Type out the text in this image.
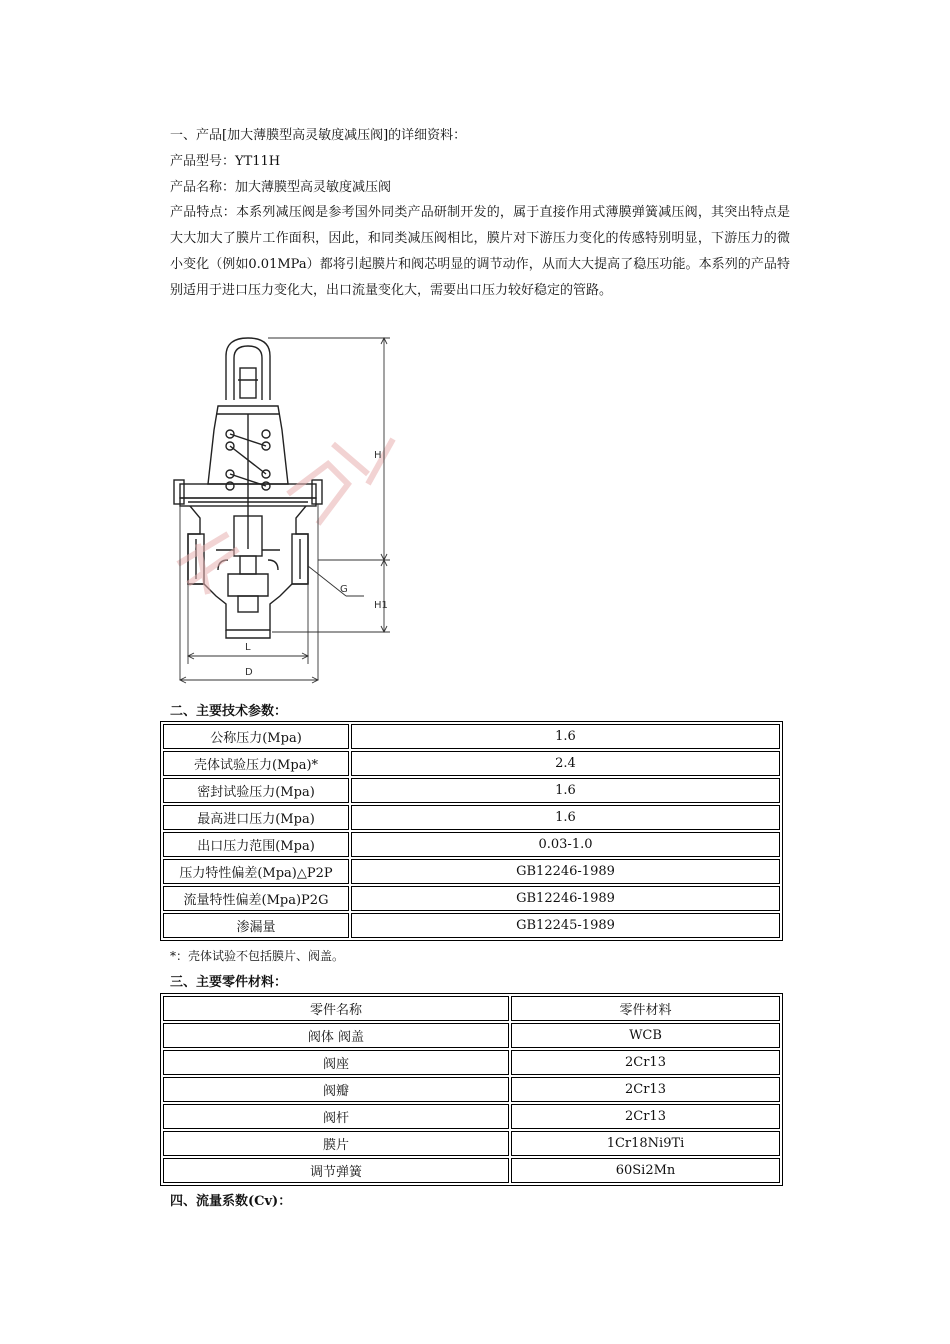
一、产品[加大薄膜型高灵敏度减压阀]的详细资料：
产品型号：YT11H
产品名称：加大薄膜型高灵敏度减压阀
产品特点：本系列减压阀是参考国外同类产品研制开发的，属于直接作用式薄膜弹簧减压阀，其突出特点是大大加大了膜片工作面积，因此，和同类减压阀相比，膜片对下游压力变化的传感特别明显，下游压力的微小变化（例如0.01MPa）都将引起膜片和阀芯明显的调节动作，从而大大提高了稳压功能。本系列的产品特别适用于进口压力变化大，出口流量变化大，需要出口压力较好稳定的管路。
H
H1
G
L
D
二、主要技术参数：
公称压力(Mpa)	1.6
壳体试验压力(Mpa)*	2.4
密封试验压力(Mpa)	1.6
最高进口压力(Mpa)	1.6
出口压力范围(Mpa)	0.03-1.0
压力特性偏差(Mpa)△P2P	GB12246-1989
流量特性偏差(Mpa)P2G	GB12246-1989
渗漏量	GB12245-1989
*：壳体试验不包括膜片、阀盖。
三、主要零件材料：
零件名称	零件材料
阀体 阀盖	WCB
阀座	2Cr13
阀瓣	2Cr13
阀杆	2Cr13
膜片	1Cr18Ni9Ti
调节弹簧	60Si2Mn
四、流量系数(Cv)：
